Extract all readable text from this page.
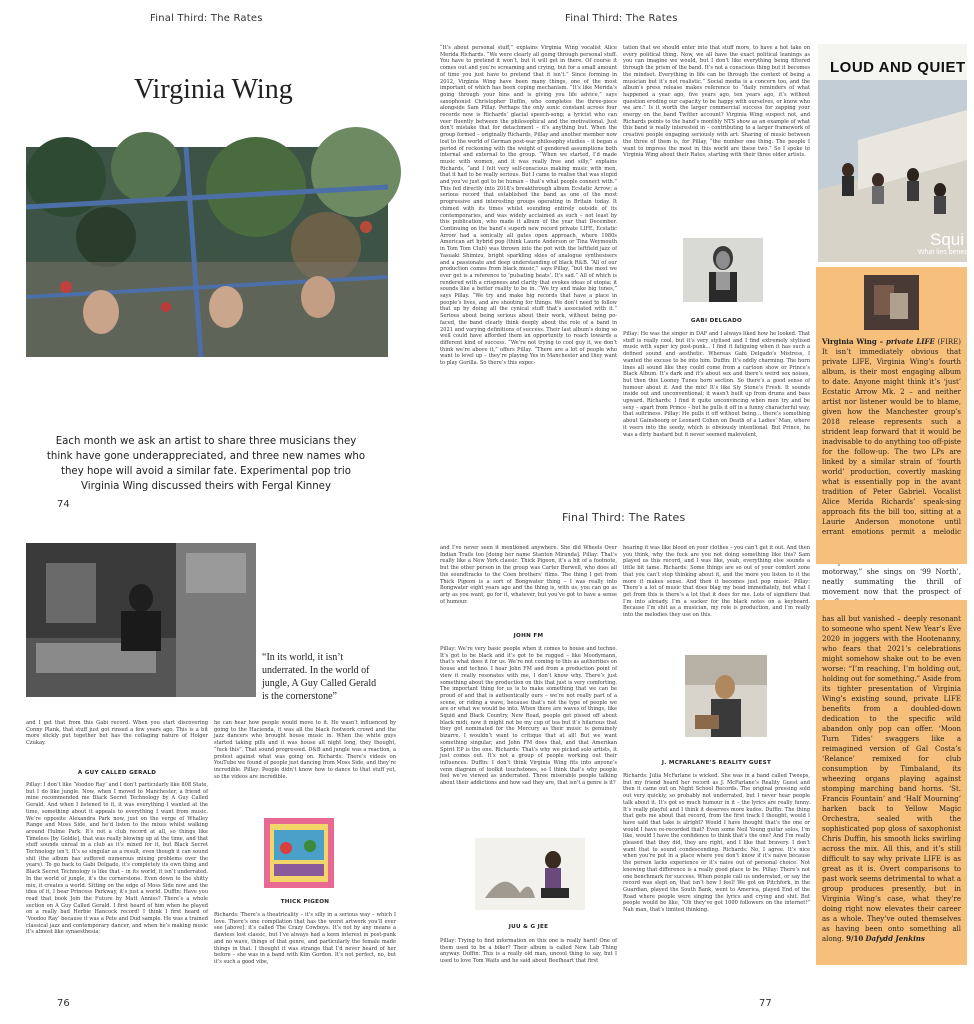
Final Third: The Rates
Virginia Wing
Each month we ask an artist to share three musicians they think have gone underappreciated, and three new names who they hope will avoid a similar fate. Experimental pop trio Virginia Wing discussed theirs with Fergal Kinney
74
Final Third: The Rates
“It’s about personal stuff,” explains Virginia Wing vocalist Alice Merida Richards. “We were clearly all going through personal stuff. You have to pretend it won’t, but it will get in there. Of course it comes out and you’re screaming and crying, but for a small amount of time you just have to pretend that it isn’t.” Since forming in 2012, Virginia Wing have been many things, one of the most important of which has been coping mechanism. “It’s like Merida’s going through your bins and is giving you life advice,” says saxophonist Christopher Duffin, who completes the three-piece alongside Sam Pillay. Perhaps the only sonic constant across four records now is Richards’ glacial speech-song; a lyricist who can veer fluently between the philosophical and the motivational. Just don’t mistake that for detachment – it’s anything but. When the group formed – originally Richards, Pillay and another member now lost to the world of German post-war philosophy studies – it began a period of reckoning with the weight of gendered assumptions both internal and external to the group. “When we started, I’d made music with women, and it was really free and silly,” explains Richards, “and I felt very self-conscious making music with men, that it had to be really serious. But I came to realise that was stupid and you’ve just got to be human – that’s what people connect with.” This fed directly into 2018’s breakthrough album Ecstatic Arrow; a serious record that established the band as one of the most progressive and interesting groups operating in Britain today. It chimed with its times whilst sounding entirely outside of its contemporaries, and was widely acclaimed as such – not least by this publication, who made it album of the year that December. Continuing on the band’s superb new record private LIFE, Ecstatic Arrow had a sonically all gates open approach, where 1980s American art hybrid pop (think Laurie Anderson or Tina Weymouth in Tom Tom Club) was thrown into the pot with the leftfield jazz of Yasuaki Shimizu, bright sparkling skies of analogue synthesisers and a passionate and deep understanding of black R&B. “All of our production comes from black music,” says Pillay, “but the most we ever get is a reference to ‘pulsating beats’. It’s sad.” All of which is rendered with a crispness and clarity that evokes ideas of utopia; it sounds like a better reality to be in. “We try and make big tunes,” says Pillay. “We try and make big records that have a place in people’s lives, and are shooting for things. We don’t need to follow that up by doing all the cynical stuff that’s associated with it.” Serious about being serious about their work, without being po-faced, the band clearly think deeply about the role of a band in 2021 and varying definitions of success. Their last album’s doing so well could have afforded them an opportunity to reach towards a different kind of success. “We’re not trying to cool guy it, we don’t think we’re above it,” offers Pillay. “There are a lot of people who want to level up – they’re playing Yes in Manchester and they want to play Gorilla. So there’s this expec-
tation that we should enter into that stuff more, to have a hot take on every political thing. Now, we all have the exact political leanings as you can imagine we would, but I don’t like everything being filtered through the prism of the band. It’s not a conscious thing but it becomes the mindset. Everything in life can be through the context of being a musician but it’s not realistic.” Social media is a concern too, and the album’s press release makes reference to “daily reminders of what happened a year ago, five years ago, ten years ago, it’s without question eroding our capacity to be happy with ourselves, or know who we are.” Is it worth the larger commercial success for zapping your energy on the band Twitter account? Virginia Wing suspect not, and Richards points to the band’s monthly NTS show as an example of what this band is really interested in – contributing to a larger framework of creative people engaging seriously with art. Sharing of music between the three of them is, for Pillay, “the number one thing. The people I want to impress the most in this world are these two.” So I spoke to Virginia Wing about their Rates, starting with their three older artists.
GABI DELGADO
Pillay: He was the singer in DAF and I always liked how he looked. That stuff is really cool, but it’s very stylised and I find extremely stylised music with super icy post-punk... I find it fatiguing when it has such a defined sound and aesthetic. Whereas Gabi Delgado’s Mistress, I wanted the excuse to be into him. Duffin: It’s oddly charming. The horn lines all sound like they could come from a cartoon show or Prince’s Black Album. It’s dark and it’s about sex and there’s weird sex noises, but then this Looney Tunes horn section. So there’s a good sense of humour about it. And the mix! It’s like Sly Stone’s Fresh. It sounds inside out and unconventional; it wasn’t built up from drums and bass upward. Richards: I find it quite unconvincing when men try and be sexy – apart from Prince – but he pulls it off in a funny characterful way, that sultriness. Pillay: He pulls it off without being... there’s something about Gainsbourg or Leonard Cohen on Death of a Ladies’ Man, where it veers into the seedy, which is obviously intentional. But Prince, he was a dirty bastard but it never seemed malevolent,
LOUD AND QUIET
Squi
What lies beneath

Virginia Wing – private LIFE (FIRE) It isn’t immediately obvious that private LIFE, Virginia Wing’s fourth album, is their most engaging album to date. Anyone might think it’s ‘just’ Ecstatic Arrow Mk. 2 – and neither artist nor listener would be to blame, given how the Manchester group’s 2018 release represents such a strident leap forward that it would be inadvisable to do anything too off-piste for the follow-up. The two LPs are linked by a similar strain of ‘fourth world’ production, covertly masking what is essentially pop in the avant tradition of Peter Gabriel. Vocalist Alice Merida Richards’ speak-sing approach fits the bill too, sitting at a Laurie Anderson monotone until errant emotions permit a melodic motorway,” she sings on ‘99 North’, neatly summating the thrill of movement now that the prospect of

has all but vanished – deeply resonant to someone who spent New Year’s Eve 2020 in joggers with the Hootenanny, who fears that 2021’s celebrations might somehow shake out to be even worse: “I’m reaching, I’m holding out, holding out for something.” Aside from its tighter presentation of Virginia Wing’s existing sound, private LIFE benefits from a doubled-down dedication to the specific wild abandon only pop can offer. ‘Moon Turn Tides’ swaggers like a reimagined version of Gal Costa’s ‘Relance’ remixed for club consumption by Timbaland, its wheezing organs playing against stomping marching band horns. ‘St. Francis Fountain’ and ‘Half Mourning’ harken back to Yellow Magic Orchestra, sealed with the sophisticated pop gloss of saxophonist Chris Duffin, his smooth licks swirling across the mix. All this, and it’s still difficult to say why private LIFE is as great as it is. Overt comparisons to past work seems detrimental to what a group produces presently, but in Virginia Wing’s case, what they’re doing right now elevates their career as a whole. They’ve outed themselves as having been onto something all along. 9/10 Dafydd Jenkins

“In its world, it isn’t underrated. In the world of jungle, A Guy Called Gerald is the cornerstone”
and I get that from this Gabi record. When you start discovering Conny Plank, that stuff just got rinsed a few years ago. This is a bit more slickly put together but has the collaging nature of Holger Czukay.
A GUY CALLED GERALD
Pillay: I don’t like ‘Voodoo Ray’ and I don’t particularly like 808 State, but I do like jungle. Now, when I moved to Manchester, a friend of mine recommended me Black Secret Technology by A Guy Called Gerald. And when I listened to it, it was everything I wanted at the time, something about it appeals to everything I want from music. We’re opposite Alexandra Park now, just on the verge of Whalley Range and Moss Side, and he’d listen to the mixes whilst walking around Hulme Park. It’s not a club record at all, so things like Timeless [by Goldie], that was really blowing up at the time, and that stuff sounds unreal in a club as it’s mixed for it, but Black Secret Technology isn’t. It’s so singular as a result, even though it can sound shit (the album has suffered numerous mixing problems over the years). To go back to Gabi Delgado, it’s completely its own thing and Black Secret Technology is like that – in its world, it isn’t underrated. In the world of jungle, it’s the cornerstone. Even down to the shitty mix, it creates a world. Sitting on the edge of Moss Side now and the idea of it, I hear Princess Parkway, it’s just a world. Duffin: Have you read that book Join the Future by Matt Anniss? There’s a whole section on A Guy Called Gerald. I first heard of him when he played on a really bad Herbie Hancock record! I think I first heard of ‘Voodoo Ray’ because it was a Pete and Dud sample. He was a trained classical jazz and contemporary dancer, and when he’s making music it’s almost like synaesthesia;
he can hear how people would move to it. He wasn’t influenced by going to the Hacienda, it was all the black footwork crowd and the jazz dancers who brought house music in. When the white guys started taking pills and it was house all night long, they thought, “fuck this”. That sound progressed. D&B and jungle was a reaction, a protest against what was going on. Richards: There’s videos on YouTube we found of people just dancing from Moss Side, and they’re incredible. Pillay: People didn’t know how to dance to that stuff yet, so the videos are incredible.
THICK PIGEON
Richards: There’s a theatricality – it’s silly in a serious way – which I love. There’s one compilation that has the worst artwork you’ll ever see [above]: it’s called The Crazy Cowboys. It’s not by any means a flawless lost classic, but I’ve always had a keen interest in post-punk and no wave, things of that genre, and particularly the female made things in that. I thought it was strange that I’d never heard of her before – she was in a band with Kim Gordon. It’s not perfect, no, but it’s such a good vibe,
76
Final Third: The Rates
and I’ve never seen it mentioned anywhere. She did Wheels Over Indian Trails too [doing her name Stanton Miranda]. Pillay: That’s really like a New York classic. Thick Pigeon, it’s a bit of a footnote, but the other person in the group was Carter Burwell, who does all the soundtracks to the Coen brothers’ films. The thing I get from Thick Pigeon is a sort of Bongwater thing – I was really into Bongwater eight years ago and the thing is, with us, you can go as arty as you want, go for it, whatever, but you’ve got to have a sense of humour.
JOHN FM
Pillay: We’re very basic people when it comes to house and techno. It’s got to be black and it’s got to be rugged – like Moodymann, that’s what does it for us. We’re not coming to this as authorities on house and techno. I hear John FM and from a production point of view it really resonates with me, I don’t know why. There’s just something about the production on this that just is very comforting. The important thing for us is to make something that we can be proud of and that is authentically ours – we’re not really part of a scene, or riding a wave, because that’s not the type of people we are or what we would be into. When there are waves of things, like Squid and Black Country, New Road, people get pissed off about black midi, now it might not be my cup of tea but it’s hilarious that they got nominated for the Mercury as their music is genuinely bizarre. I wouldn’t want to critique that at all! But we want something singular, and John FM does that, and that Amerikan Spirit EP is the one. Richards: That’s why we picked solo artists, it just comes out. It’s not a group of people working out their influences. Duffin: I don’t think Virginia Wing fits into anyone’s venn diagram of toolkit touchstones, so I think that’s why people feel we’ve viewed as underrated. Three miserable people talking about their addictions and how sad they are, that isn’t a genre is it?
JUU & G JEE
Pillay: Trying to find information on this one is really hard! One of them used to be a biker? Their album is called New Lab Thing anyway. Duffin: This is a really old man, uncool thing to say, but I used to love Tom Waits and he said about Beefheart that first
hearing it was like blood on your clothes – you can’t get it out. And then you think, why the fuck are you not doing something like this? Sam played us this record, and I was like, yeah, everything else sounds a little bit tame. Richards: Some things are so out of your comfort zone that you can’t stop thinking about it, and the more you listen to it the more it makes sense. And then it becomes just pop music. Pillay: There’s a lot of music that does blag my head immediately, but what I get from this is there’s a lot that it does for me. Lots of signifiers that I’m into already. I’m a sucker for the black notes on a keyboard. Because I’m shit as a musician, my role is production, and I’m really into the melodies they use on this.
J. MCFARLANE’S REALITY GUEST
Richards: Julia McFarlane is wicked. She was in a band called Tweeps, but my friend heard her record as J. McFarlane’s Reality Guest and then it came out on Night School Records. The original pressing sold out very quickly, so probably not underrated, but I never hear people talk about it. It’s got so much humour in it – the lyrics are really funny. It’s really playful and I think it deserves more kudos. Duffin: The thing that gets me about that record, from the first track I thought, would I have said that take is alright? Would I have thought that’s the one or would I have re-recorded that? Even some Neil Young guitar solos, I’m like, would I have the confidence to think that’s the one? And I’m really pleased that they did, they are right, and I like that bravery. I don’t want that to sound condescending. Richards: No, I agree. It’s nice when you’re put in a place where you don’t know if it’s naive because the person lacks experience or it’s naive out of personal choice. Not knowing that difference is a really good place to be. Pillay: There’s not one benchmark for success. When people call us underrated, or say the record was slept on, that isn’t how I feel! We got on Pitchfork, in the Guardian, played the South Bank, went to America, played End of the Road where people were singing the lyrics and crying and shit. But people would be like, “Oh they’ve got 1000 followers on the internet!” Nah man, that’s limited thinking.
77
